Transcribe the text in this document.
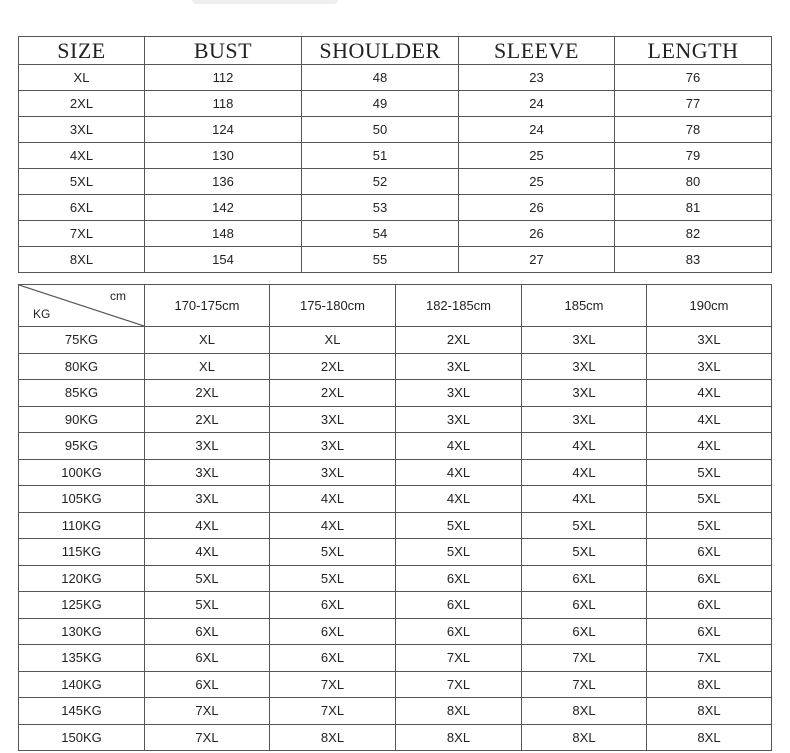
SIZE	BUST	SHOULDER	SLEEVE	LENGTH
XL	112	48	23	76
2XL	118	49	24	77
3XL	124	50	24	78
4XL	130	51	25	79
5XL	136	52	25	80
6XL	142	53	26	81
7XL	148	54	26	82
8XL	154	55	27	83
cm
KG	170-175cm	175-180cm	182-185cm	185cm	190cm
75KG	XL	XL	2XL	3XL	3XL
80KG	XL	2XL	3XL	3XL	3XL
85KG	2XL	2XL	3XL	3XL	4XL
90KG	2XL	3XL	3XL	3XL	4XL
95KG	3XL	3XL	4XL	4XL	4XL
100KG	3XL	3XL	4XL	4XL	5XL
105KG	3XL	4XL	4XL	4XL	5XL
110KG	4XL	4XL	5XL	5XL	5XL
115KG	4XL	5XL	5XL	5XL	6XL
120KG	5XL	5XL	6XL	6XL	6XL
125KG	5XL	6XL	6XL	6XL	6XL
130KG	6XL	6XL	6XL	6XL	6XL
135KG	6XL	6XL	7XL	7XL	7XL
140KG	6XL	7XL	7XL	7XL	8XL
145KG	7XL	7XL	8XL	8XL	8XL
150KG	7XL	8XL	8XL	8XL	8XL
